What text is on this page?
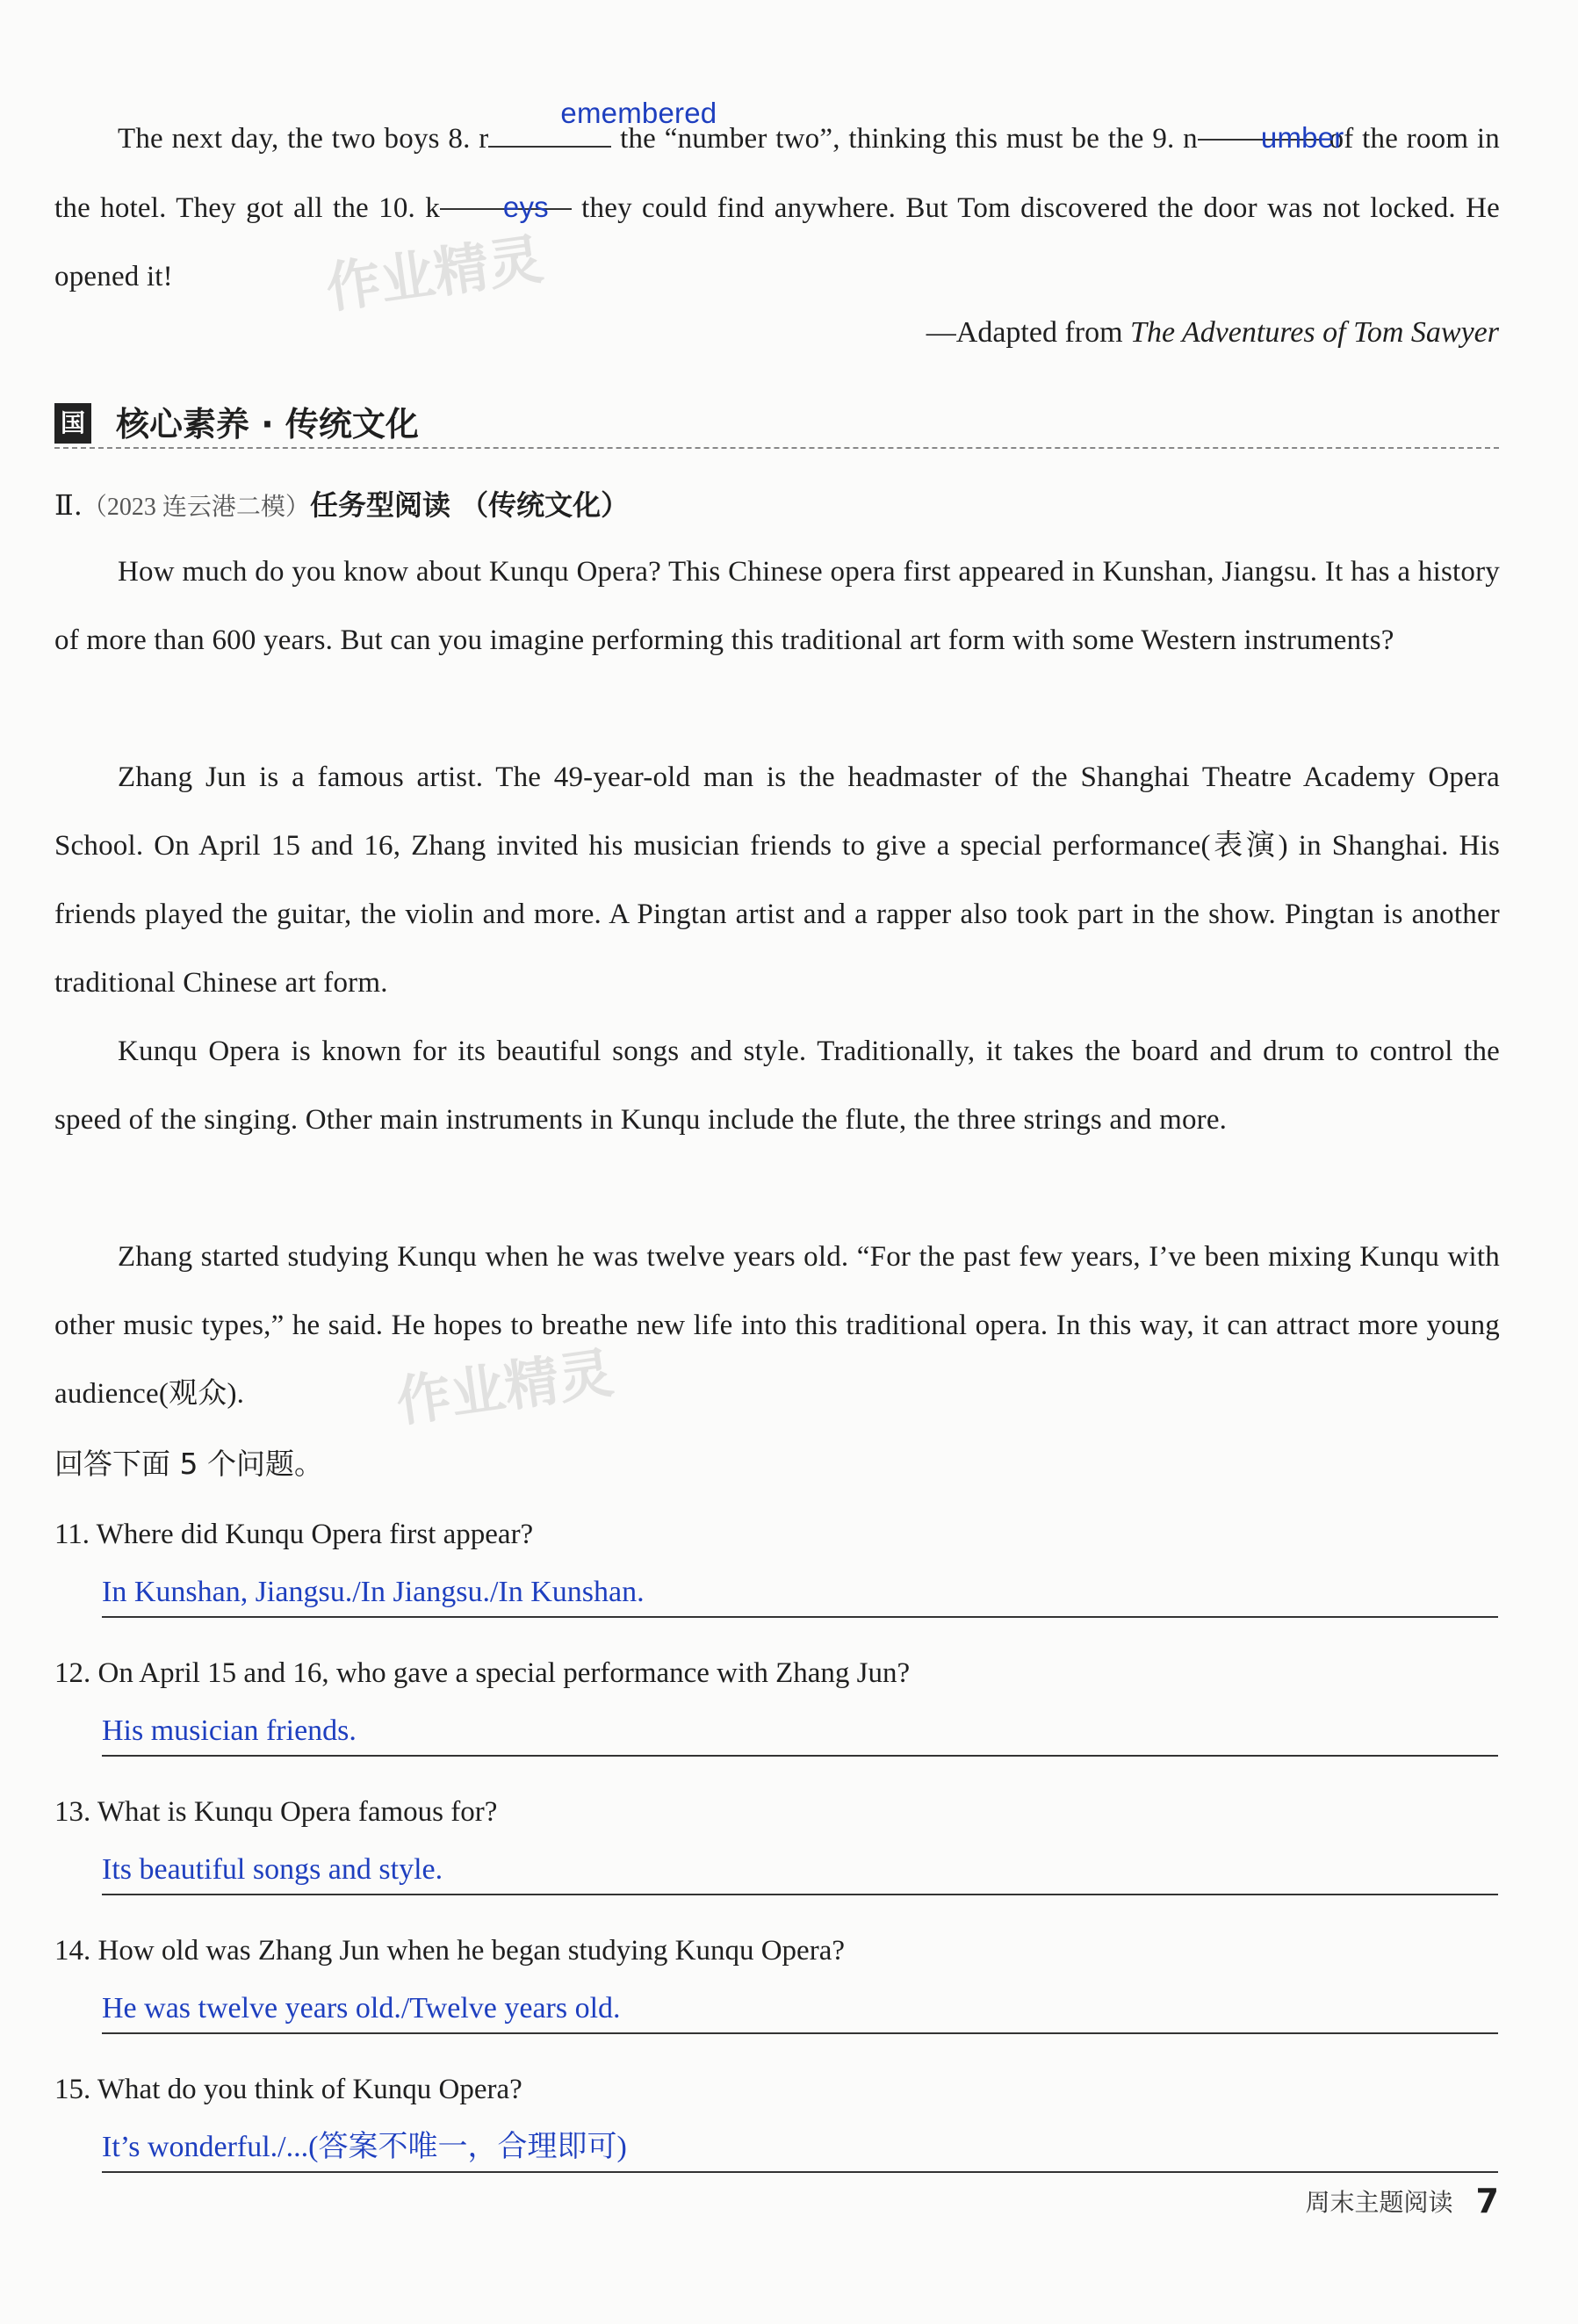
The next day, the two boys 8. r
emembered
the “number two”, thinking this must be the 9. n umber of the room in the hotel. They got all the 10. k eys they could find anywhere. But Tom discovered the door was not locked. He opened it!
—Adapted from The Adventures of Tom Sawyer
国 核心素养 · 传统文化
Ⅱ.（2023 连云港二模）任务型阅读 （传统文化）
How much do you know about Kunqu Opera? This Chinese opera first appeared in Kunshan, Jiangsu. It has a history of more than 600 years. But can you imagine performing this traditional art form with some Western instruments?
Zhang Jun is a famous artist. The 49-year-old man is the headmaster of the Shanghai Theatre Academy Opera School. On April 15 and 16, Zhang invited his musician friends to give a special performance(表演) in Shanghai. His friends played the guitar, the violin and more. A Pingtan artist and a rapper also took part in the show. Pingtan is another traditional Chinese art form.
Kunqu Opera is known for its beautiful songs and style. Traditionally, it takes the board and drum to control the speed of the singing. Other main instruments in Kunqu include the flute, the three strings and more.
Zhang started studying Kunqu when he was twelve years old. “For the past few years, I’ve been mixing Kunqu with other music types,” he said. He hopes to breathe new life into this traditional opera. In this way, it can attract more young audience(观众).
回答下面 5 个问题。
11. Where did Kunqu Opera first appear?
In Kunshan, Jiangsu./In Jiangsu./In Kunshan.
12. On April 15 and 16, who gave a special performance with Zhang Jun?
His musician friends.
13. What is Kunqu Opera famous for?
Its beautiful songs and style.
14. How old was Zhang Jun when he began studying Kunqu Opera?
He was twelve years old./Twelve years old.
15. What do you think of Kunqu Opera?
It’s wonderful./...(答案不唯一，合理即可)
作业精灵
作业精灵
周末主题阅读 7
